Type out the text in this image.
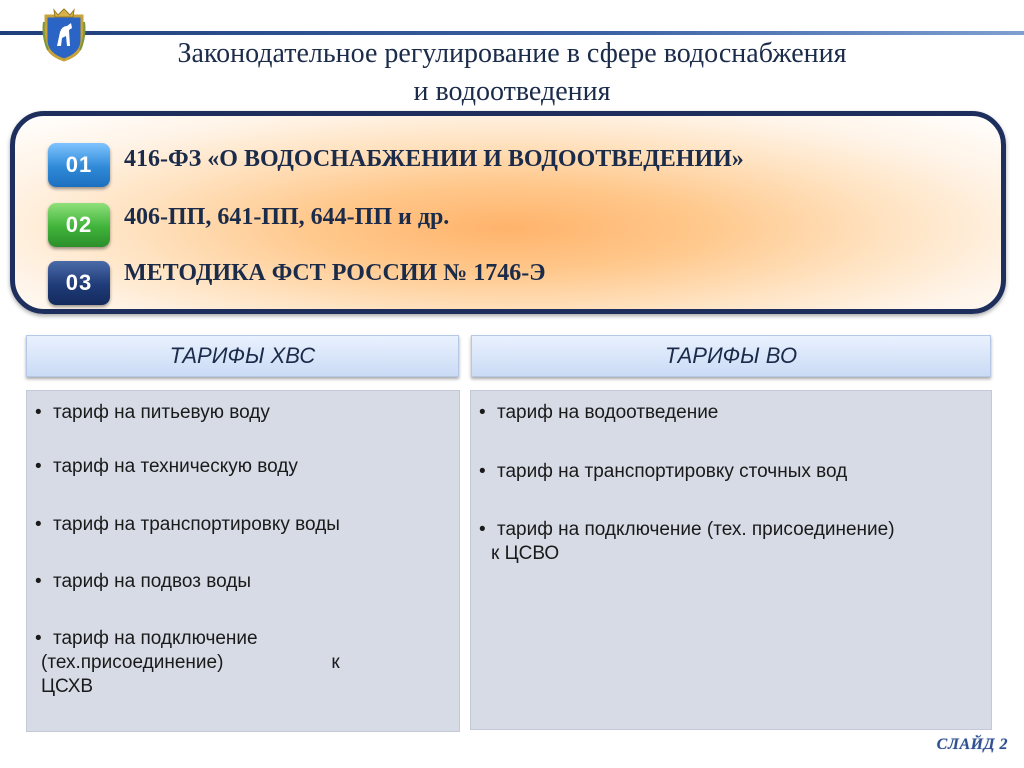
Законодательное регулирование в сфере водоснабжения
и водоотведения
01	416-ФЗ «О ВОДОСНАБЖЕНИИ И ВОДООТВЕДЕНИИ»
02	406-ПП, 641-ПП, 644-ПП и др.
03	МЕТОДИКА ФСТ РОССИИ № 1746-Э
ТАРИФЫ ХВС	ТАРИФЫ ВО
• тариф на питьевую воду
• тариф на техническую воду
• тариф на транспортировку воды
• тариф на подвоз воды
• тариф на подключение
(тех.присоединение)	к
ЦСХВ
• тариф на водоотведение
• тариф на транспортировку сточных вод
• тариф на подключение (тех. присоединение)
к ЦСВО
СЛАЙД 2
